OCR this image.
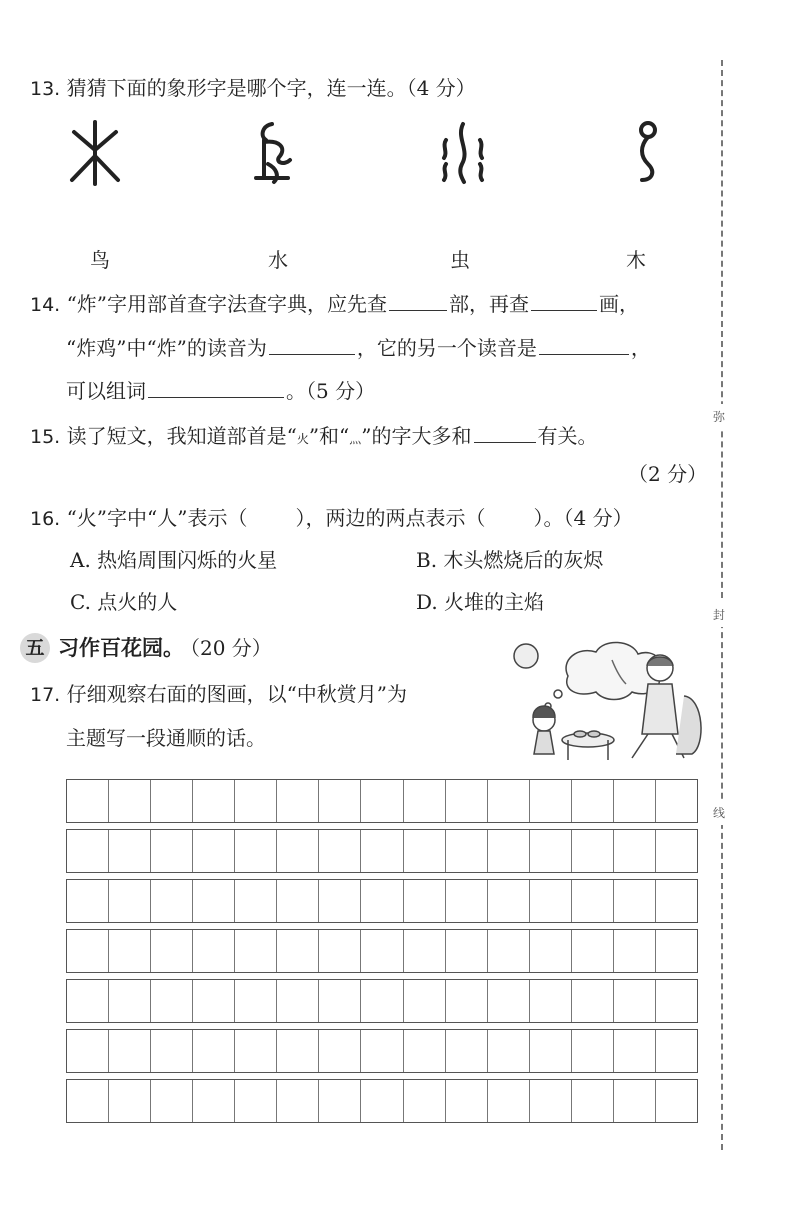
13. 猜猜下面的象形字是哪个字，连一连。（4 分）
鸟	水	虫	木
14. “炸”字用部首查字法查字典，应先查	部，再查	画，
“炸鸡”中“炸”的读音为	，它的另一个读音是	，
可以组词	。（5 分）
15. 读了短文，我知道部首是“火”和“灬”的字大多和	有关。
（2 分）
16. “火”字中“人”表示（ ），两边的两点表示（ ）。（4 分）
A. 热焰周围闪烁的火星	B. 木头燃烧后的灰烬
C. 点火的人	D. 火堆的主焰
五 习作百花园。
（20 分）
17. 仔细观察右面的图画，以“中秋赏月”为
主题写一段通顺的话。
弥
封
线
